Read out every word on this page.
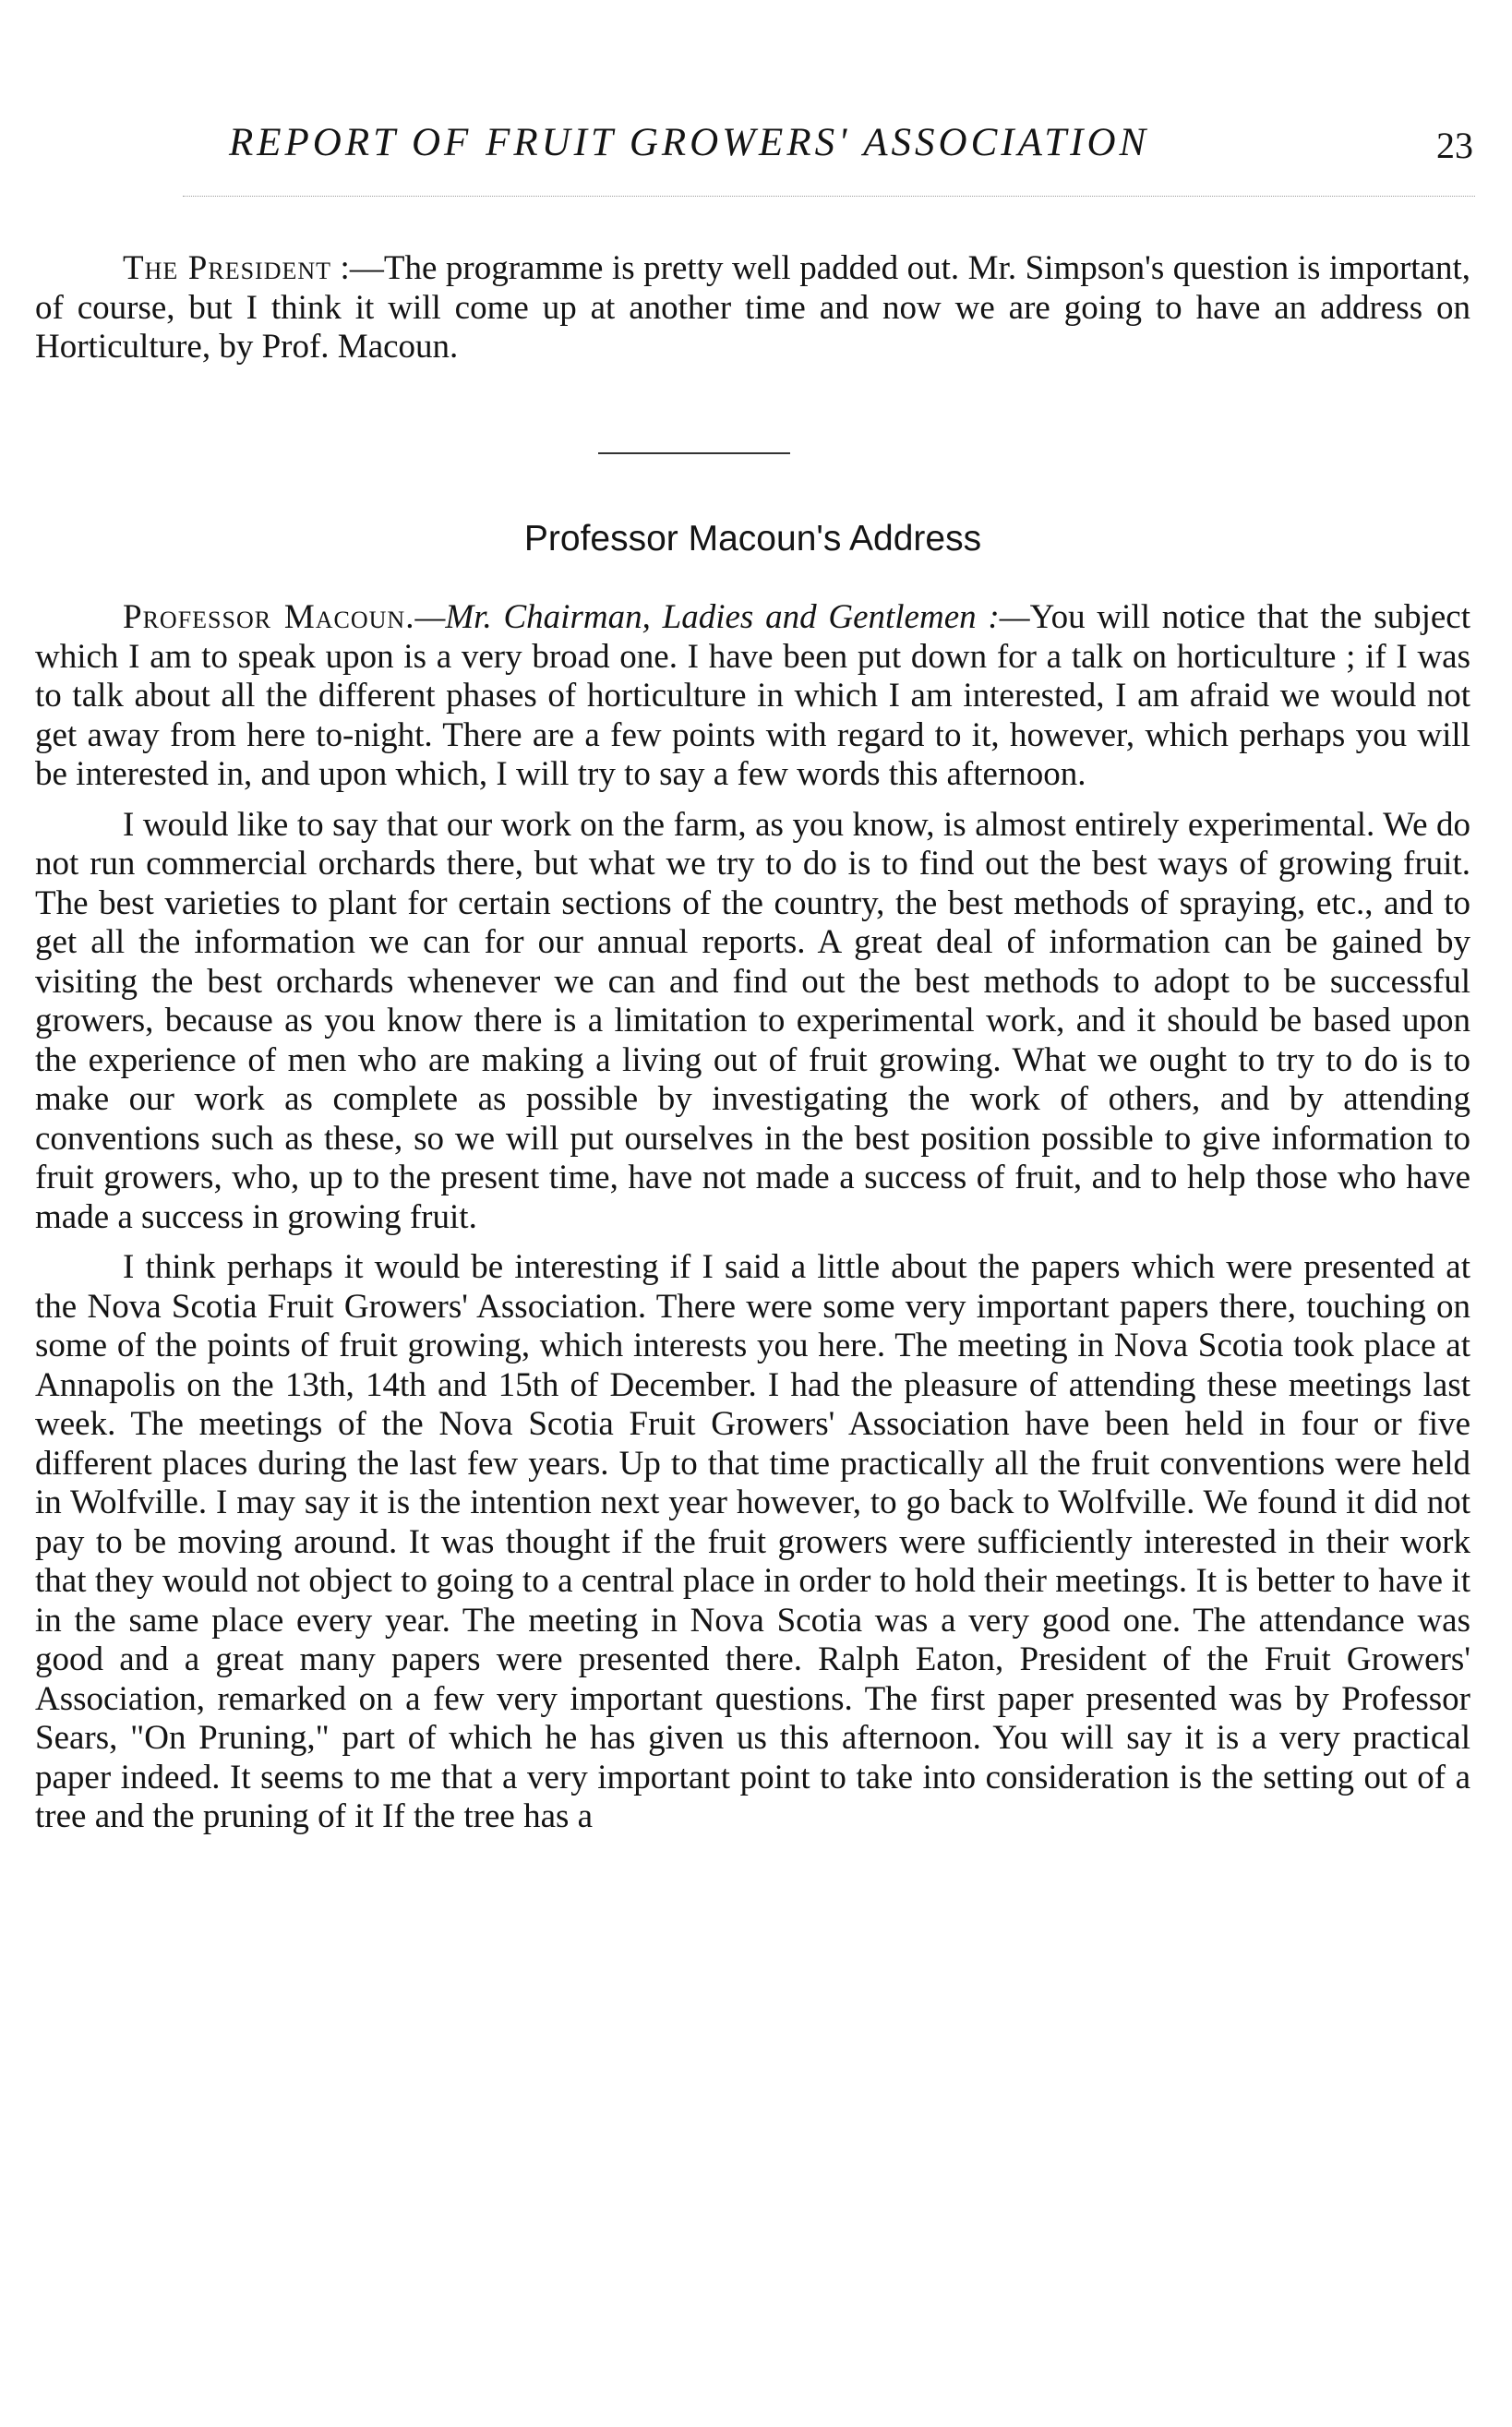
REPORT OF FRUIT GROWERS' ASSOCIATION	23

The President :—The programme is pretty well padded out. Mr. Simpson's question is important, of course, but I think it will come up at another time and now we are going to have an address on Horticulture, by Prof. Macoun.

Professor Macoun's Address

Professor Macoun.—Mr. Chairman, Ladies and Gentlemen :—You will notice that the subject which I am to speak upon is a very broad one. I have been put down for a talk on horticulture ; if I was to talk about all the different phases of horticulture in which I am interested, I am afraid we would not get away from here to-night. There are a few points with regard to it, however, which perhaps you will be interested in, and upon which, I will try to say a few words this afternoon.

I would like to say that our work on the farm, as you know, is almost entirely experimental. We do not run commercial orchards there, but what we try to do is to find out the best ways of growing fruit. The best varieties to plant for certain sections of the country, the best methods of spraying, etc., and to get all the information we can for our annual reports. A great deal of information can be gained by visiting the best orchards whenever we can and find out the best methods to adopt to be successful growers, because as you know there is a limitation to experimental work, and it should be based upon the experience of men who are making a living out of fruit growing. What we ought to try to do is to make our work as complete as possible by investigating the work of others, and by attending conventions such as these, so we will put ourselves in the best position possible to give information to fruit growers, who, up to the present time, have not made a success of fruit, and to help those who have made a success in growing fruit.

I think perhaps it would be interesting if I said a little about the papers which were presented at the Nova Scotia Fruit Growers' Association. There were some very important papers there, touching on some of the points of fruit growing, which interests you here. The meeting in Nova Scotia took place at Annapolis on the 13th, 14th and 15th of December. I had the pleasure of attending these meetings last week. The meetings of the Nova Scotia Fruit Growers' Association have been held in four or five different places during the last few years. Up to that time practically all the fruit conventions were held in Wolfville. I may say it is the intention next year however, to go back to Wolfville. We found it did not pay to be moving around. It was thought if the fruit growers were sufficiently interested in their work that they would not object to going to a central place in order to hold their meetings. It is better to have it in the same place every year. The meeting in Nova Scotia was a very good one. The attendance was good and a great many papers were presented there. Ralph Eaton, President of the Fruit Growers' Association, remarked on a few very important questions. The first paper presented was by Professor Sears, "On Pruning," part of which he has given us this afternoon. You will say it is a very practical paper indeed. It seems to me that a very important point to take into consideration is the setting out of a tree and the pruning of it If the tree has a
